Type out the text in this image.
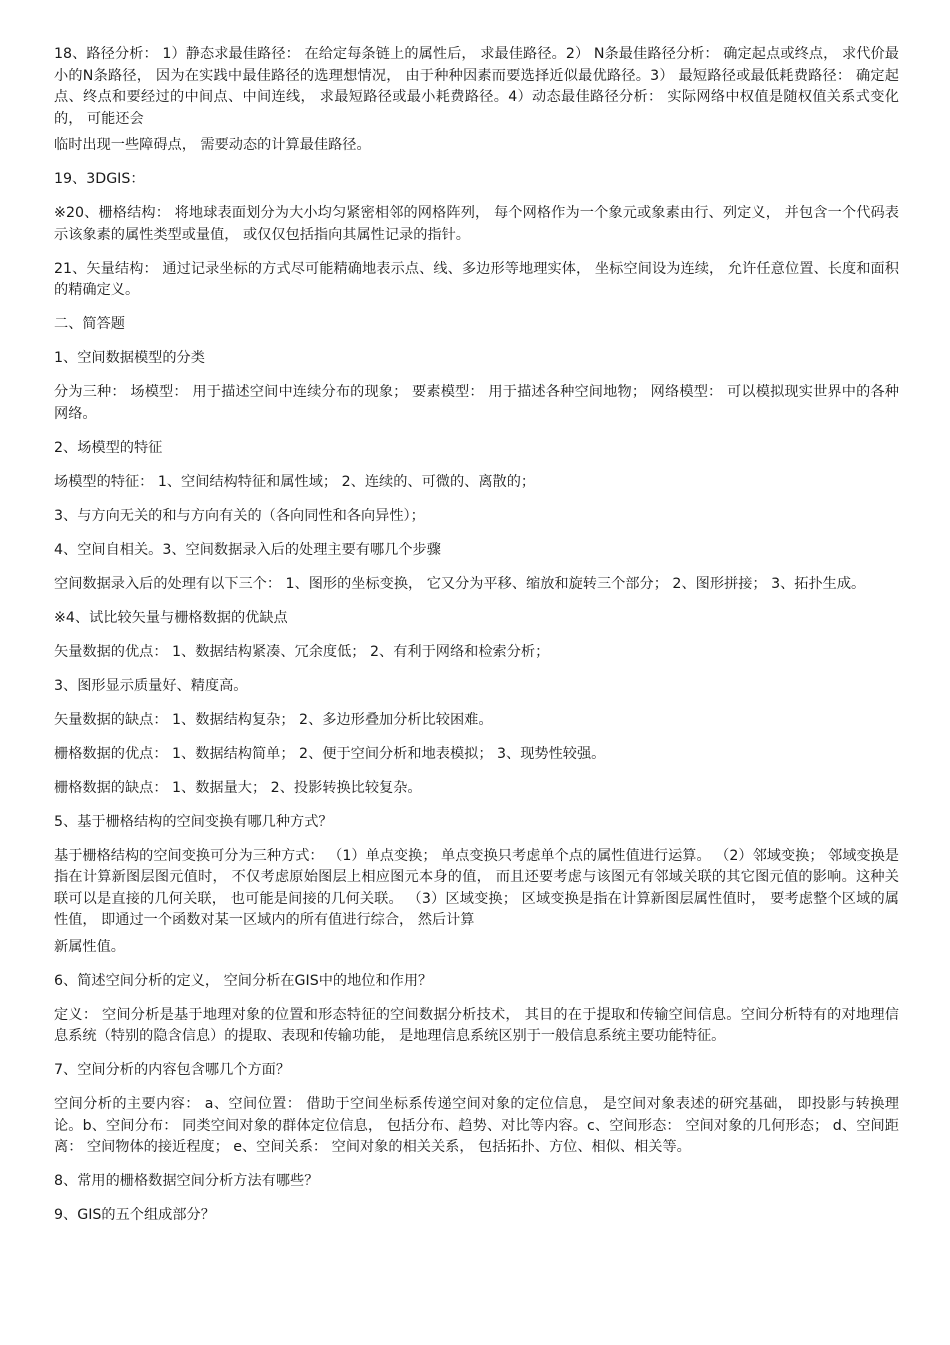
18、路径分析： 1）静态求最佳路径： 在给定每条链上的属性后， 求最佳路径。2） N条最佳路径分析： 确定起点或终点， 求代价最小的N条路径， 因为在实践中最佳路径的选理想情况， 由于种种因素而要选择近似最优路径。3） 最短路径或最低耗费路径： 确定起点、终点和要经过的中间点、中间连线， 求最短路径或最小耗费路径。4）动态最佳路径分析： 实际网络中权值是随权值关系式变化的， 可能还会

临时出现一些障碍点， 需要动态的计算最佳路径。

19、3DGIS：

※20、栅格结构： 将地球表面划分为大小均匀紧密相邻的网格阵列， 每个网格作为一个象元或象素由行、列定义， 并包含一个代码表示该象素的属性类型或量值， 或仅仅包括指向其属性记录的指针。

21、矢量结构： 通过记录坐标的方式尽可能精确地表示点、线、多边形等地理实体， 坐标空间设为连续， 允许任意位置、长度和面积的精确定义。

二、简答题

1、空间数据模型的分类

分为三种： 场模型： 用于描述空间中连续分布的现象； 要素模型： 用于描述各种空间地物； 网络模型： 可以模拟现实世界中的各种网络。

2、场模型的特征

场模型的特征： 1、空间结构特征和属性域； 2、连续的、可微的、离散的；

3、与方向无关的和与方向有关的（各向同性和各向异性）；

4、空间自相关。3、空间数据录入后的处理主要有哪几个步骤

空间数据录入后的处理有以下三个： 1、图形的坐标变换， 它又分为平移、缩放和旋转三个部分； 2、图形拼接； 3、拓扑生成。

※4、试比较矢量与栅格数据的优缺点

矢量数据的优点： 1、数据结构紧凑、冗余度低； 2、有利于网络和检索分析；

3、图形显示质量好、精度高。

矢量数据的缺点： 1、数据结构复杂； 2、多边形叠加分析比较困难。

栅格数据的优点： 1、数据结构简单； 2、便于空间分析和地表模拟； 3、现势性较强。

栅格数据的缺点： 1、数据量大； 2、投影转换比较复杂。

5、基于栅格结构的空间变换有哪几种方式？

基于栅格结构的空间变换可分为三种方式： （1）单点变换； 单点变换只考虑单个点的属性值进行运算。 （2）邻域变换； 邻域变换是指在计算新图层图元值时， 不仅考虑原始图层上相应图元本身的值， 而且还要考虑与该图元有邻域关联的其它图元值的影响。这种关联可以是直接的几何关联， 也可能是间接的几何关联。 （3）区域变换； 区域变换是指在计算新图层属性值时， 要考虑整个区域的属性值， 即通过一个函数对某一区域内的所有值进行综合， 然后计算

新属性值。

6、简述空间分析的定义， 空间分析在GIS中的地位和作用？

定义： 空间分析是基于地理对象的位置和形态特征的空间数据分析技术， 其目的在于提取和传输空间信息。空间分析特有的对地理信息系统（特别的隐含信息）的提取、表现和传输功能， 是地理信息系统区别于一般信息系统主要功能特征。

7、空间分析的内容包含哪几个方面？

空间分析的主要内容： a、空间位置： 借助于空间坐标系传递空间对象的定位信息， 是空间对象表述的研究基础， 即投影与转换理论。b、空间分布： 同类空间对象的群体定位信息， 包括分布、趋势、对比等内容。c、空间形态： 空间对象的几何形态； d、空间距离： 空间物体的接近程度； e、空间关系： 空间对象的相关关系， 包括拓扑、方位、相似、相关等。

8、常用的栅格数据空间分析方法有哪些？

9、GIS的五个组成部分？
